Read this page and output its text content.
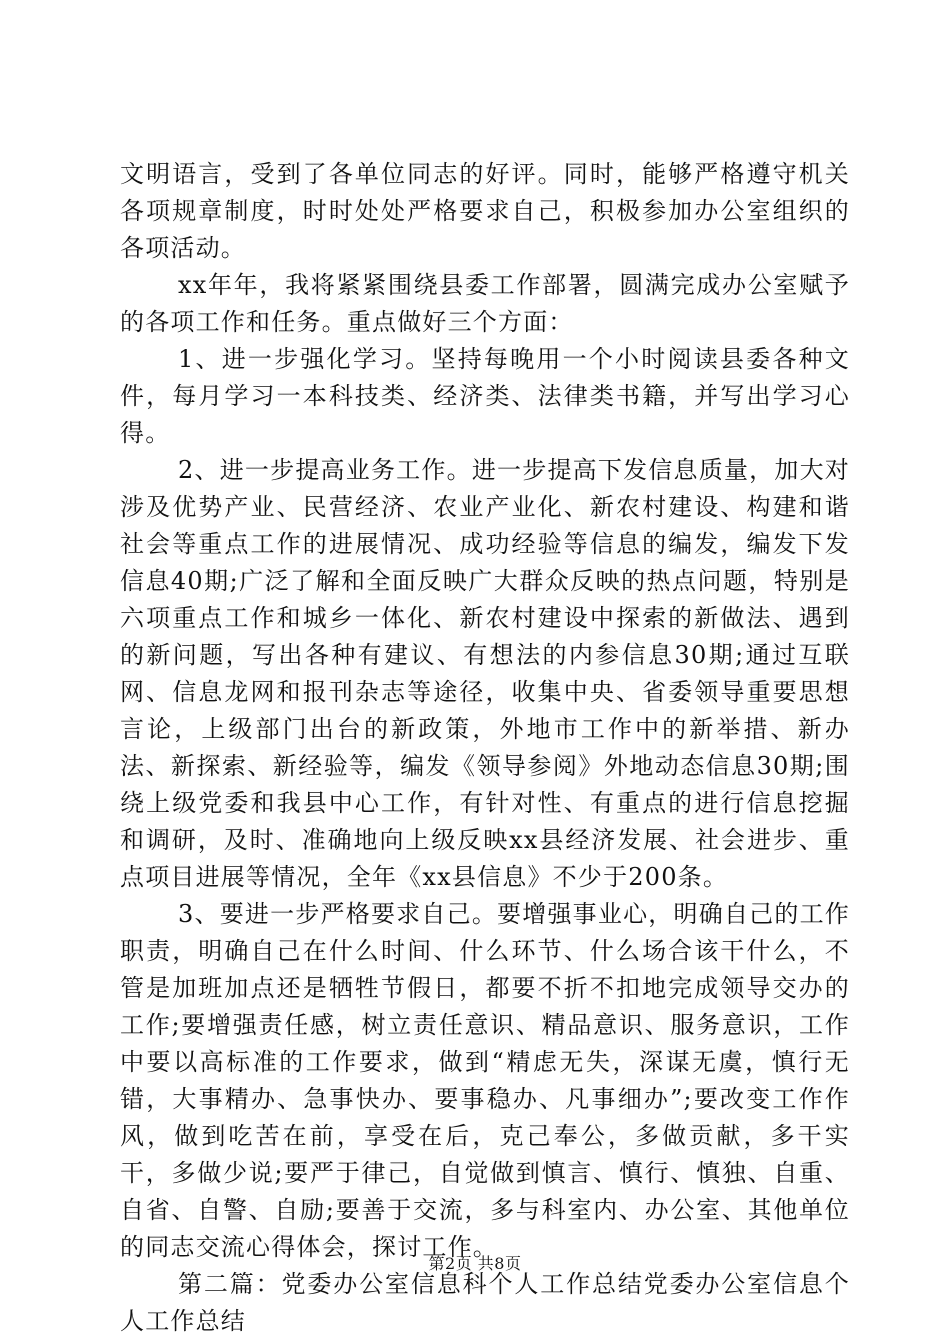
文明语言，受到了各单位同志的好评。同时，能够严格遵守机关各项规章制度，时时处处严格要求自己，积极参加办公室组织的各项活动。

xx年年，我将紧紧围绕县委工作部署，圆满完成办公室赋予的各项工作和任务。重点做好三个方面：

1、进一步强化学习。坚持每晚用一个小时阅读县委各种文件，每月学习一本科技类、经济类、法律类书籍，并写出学习心得。

2、进一步提高业务工作。进一步提高下发信息质量，加大对涉及优势产业、民营经济、农业产业化、新农村建设、构建和谐社会等重点工作的进展情况、成功经验等信息的编发，编发下发信息40期;广泛了解和全面反映广大群众反映的热点问题，特别是六项重点工作和城乡一体化、新农村建设中探索的新做法、遇到的新问题，写出各种有建议、有想法的内参信息30期;通过互联网、信息龙网和报刊杂志等途径，收集中央、省委领导重要思想言论，上级部门出台的新政策，外地市工作中的新举措、新办法、新探索、新经验等，编发《领导参阅》外地动态信息30期;围绕上级党委和我县中心工作，有针对性、有重点的进行信息挖掘和调研，及时、准确地向上级反映xx县经济发展、社会进步、重点项目进展等情况，全年《xx县信息》不少于200条。

3、要进一步严格要求自己。要增强事业心，明确自己的工作职责，明确自己在什么时间、什么环节、什么场合该干什么，不管是加班加点还是牺牲节假日，都要不折不扣地完成领导交办的工作;要增强责任感，树立责任意识、精品意识、服务意识，工作中要以高标准的工作要求，做到“精虑无失，深谋无虞，慎行无错，大事精办、急事快办、要事稳办、凡事细办”;要改变工作作风，做到吃苦在前，享受在后，克己奉公，多做贡献，多干实干，多做少说;要严于律己，自觉做到慎言、慎行、慎独、自重、自省、自警、自励;要善于交流，多与科室内、办公室、其他单位的同志交流心得体会，探讨工作。

第二篇：党委办公室信息科个人工作总结党委办公室信息个人工作总结

第2页 共8页
